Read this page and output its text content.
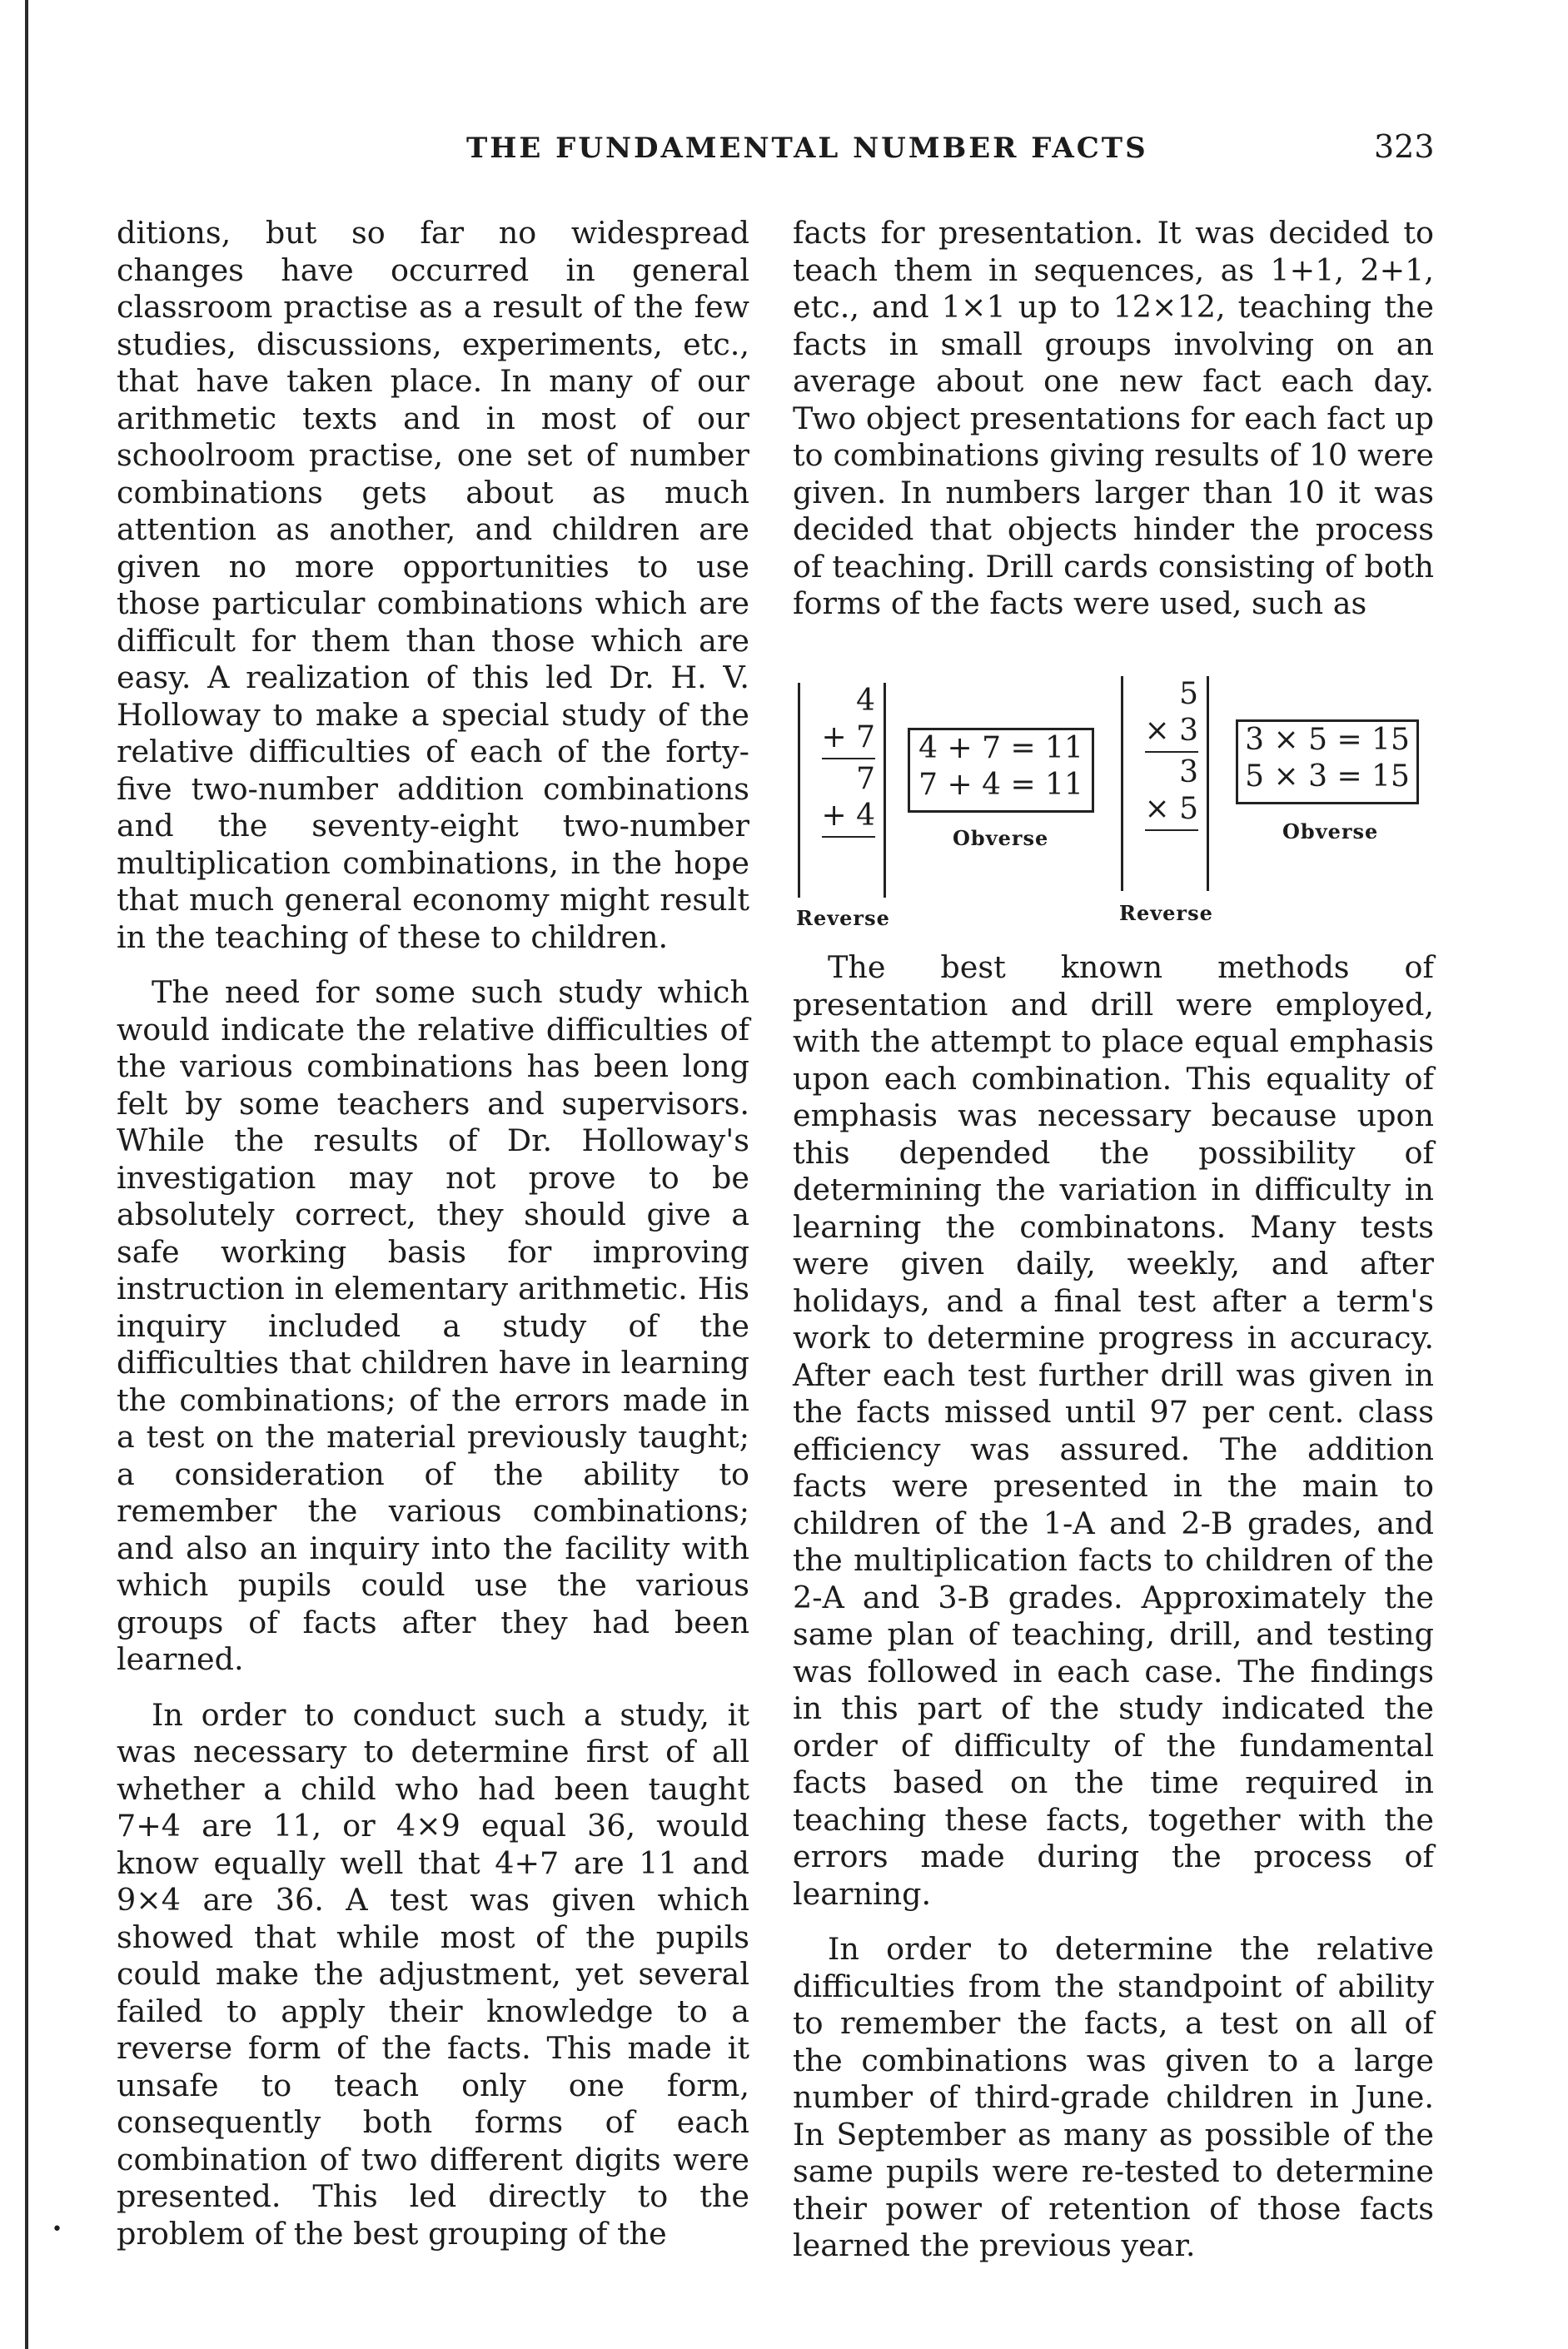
THE FUNDAMENTAL NUMBER FACTS	323

ditions, but so far no widespread changes have occurred in general classroom practise as a result of the few studies, discussions, experiments, etc., that have taken place. In many of our arithmetic texts and in most of our schoolroom practise, one set of number combinations gets about as much attention as another, and children are given no more opportunities to use those particular combinations which are difficult for them than those which are easy. A realization of this led Dr. H. V. Holloway to make a special study of the relative difficulties of each of the forty-five two-number addition combinations and the seventy-eight two-number multiplication combinations, in the hope that much general economy might result in the teaching of these to children.

The need for some such study which would indicate the relative difficulties of the various combinations has been long felt by some teachers and supervisors. While the results of Dr. Holloway's investigation may not prove to be absolutely correct, they should give a safe working basis for improving instruction in elementary arithmetic. His inquiry included a study of the difficulties that children have in learning the combinations; of the errors made in a test on the material previously taught; a consideration of the ability to remember the various combinations; and also an inquiry into the facility with which pupils could use the various groups of facts after they had been learned.

In order to conduct such a study, it was necessary to determine first of all whether a child who had been taught 7+4 are 11, or 4×9 equal 36, would know equally well that 4+7 are 11 and 9×4 are 36. A test was given which showed that while most of the pupils could make the adjustment, yet several failed to apply their knowledge to a reverse form of the facts. This made it unsafe to teach only one form, consequently both forms of each combination of two different digits were presented. This led directly to the problem of the best grouping of the

facts for presentation. It was decided to teach them in sequences, as 1+1, 2+1, etc., and 1×1 up to 12×12, teaching the facts in small groups involving on an average about one new fact each day. Two object presentations for each fact up to combinations giving results of 10 were given. In numbers larger than 10 it was decided that objects hinder the process of teaching. Drill cards consisting of both forms of the facts were used, such as

4
+ 7
7
+ 4
Reverse
4 + 7 = 11
7 + 4 = 11
Obverse
5
× 3
3
× 5
Reverse
3 × 5 = 15
5 × 3 = 15
Obverse

The best known methods of presentation and drill were employed, with the attempt to place equal emphasis upon each combination. This equality of emphasis was necessary because upon this depended the possibility of determining the variation in difficulty in learning the combinatons. Many tests were given daily, weekly, and after holidays, and a final test after a term's work to determine progress in accuracy. After each test further drill was given in the facts missed until 97 per cent. class efficiency was assured. The addition facts were presented in the main to children of the 1-A and 2-B grades, and the multiplication facts to children of the 2-A and 3-B grades. Approximately the same plan of teaching, drill, and testing was followed in each case. The findings in this part of the study indicated the order of difficulty of the fundamental facts based on the time required in teaching these facts, together with the errors made during the process of learning.

In order to determine the relative difficulties from the standpoint of ability to remember the facts, a test on all of the combinations was given to a large number of third-grade children in June. In September as many as possible of the same pupils were re-tested to determine their power of retention of those facts learned the previous year.

•
